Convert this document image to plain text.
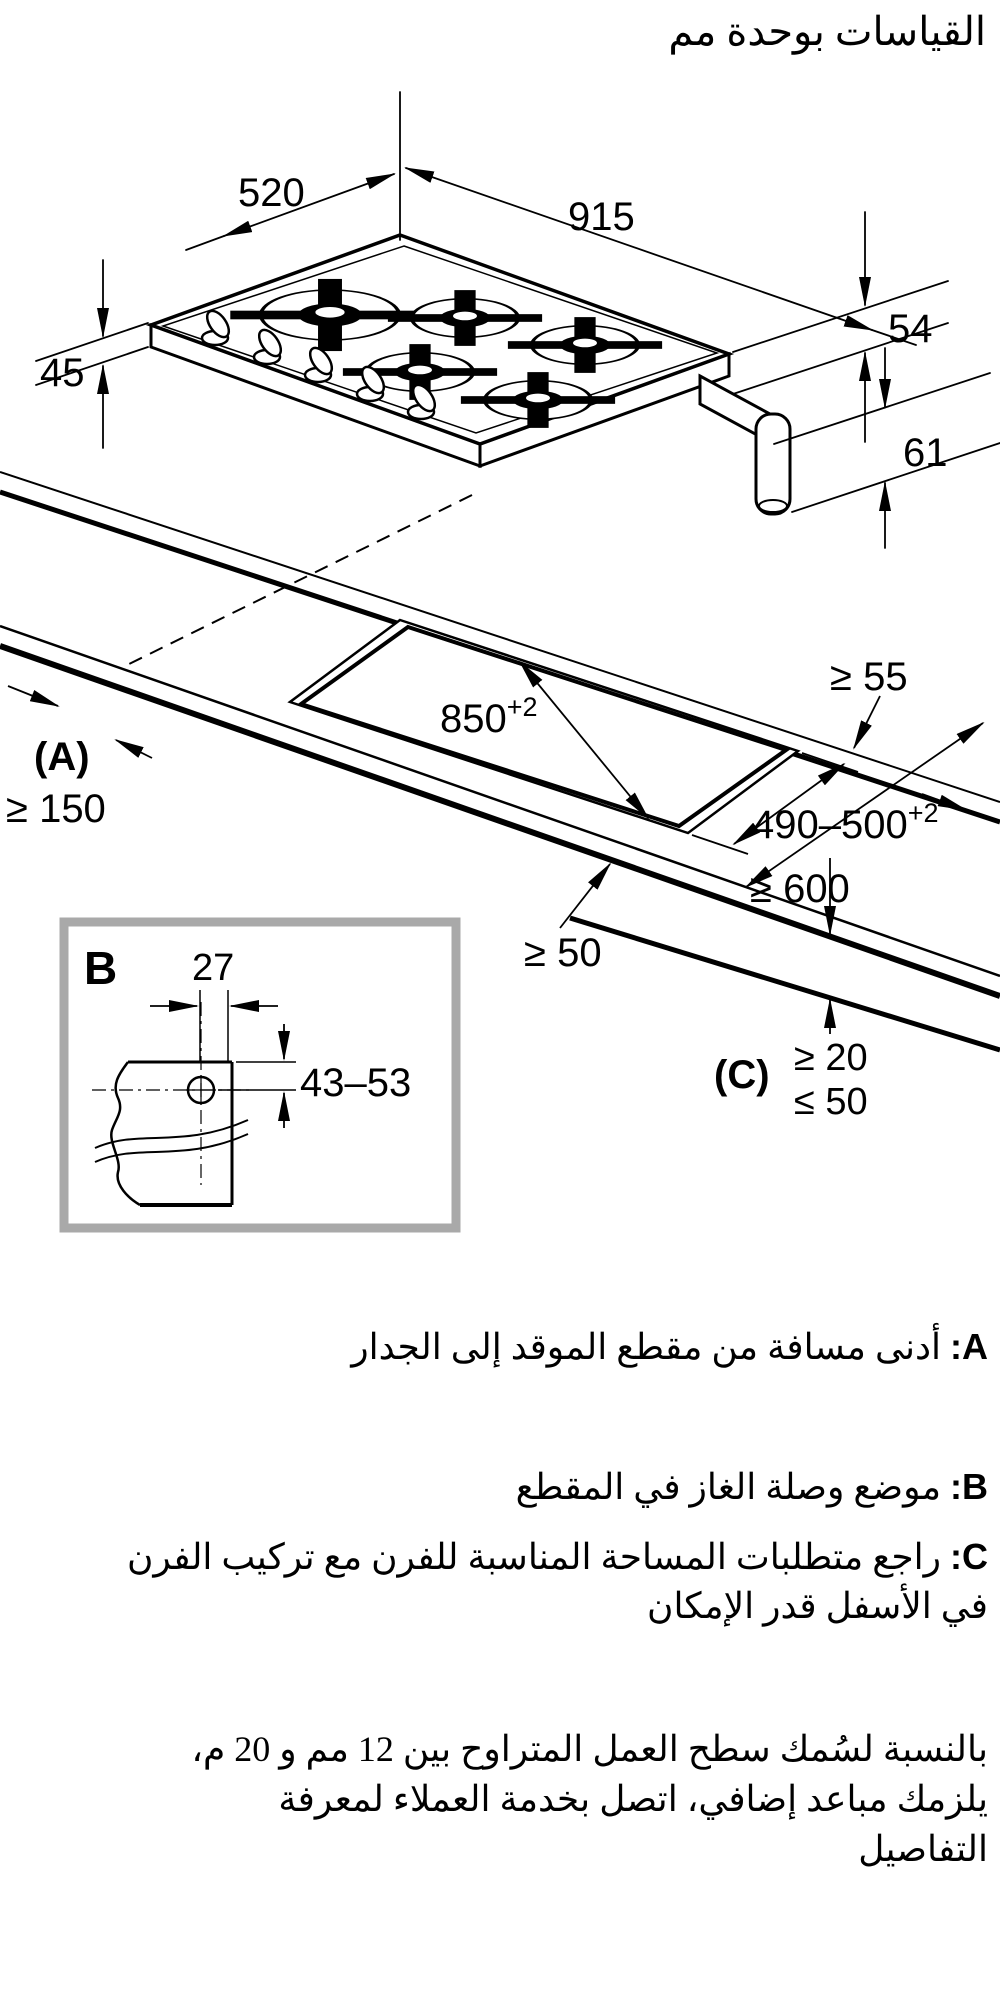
915
520
54
45
61
$850^{+2}$
$490-500^{+2}$
≥ 55
(A)
≥ 150
≥ 600
≥ 50
(C) ≥ 20
≤ 50
B 27
43–53
القياسات بوحدة مم
A: أدنى مسافة من مقطع الموقد إلى الجدار
B: موضع وصلة الغاز في المقطع
C: راجع متطلبات المساحة المناسبة للفرن مع تركيب الفرن
في الأسفل قدر الإمكان
بالنسبة لسُمك سطح العمل المتراوح بين 12 مم و 20 م،
يلزمك مباعد إضافي، اتصل بخدمة العملاء لمعرفة
التفاصيل
